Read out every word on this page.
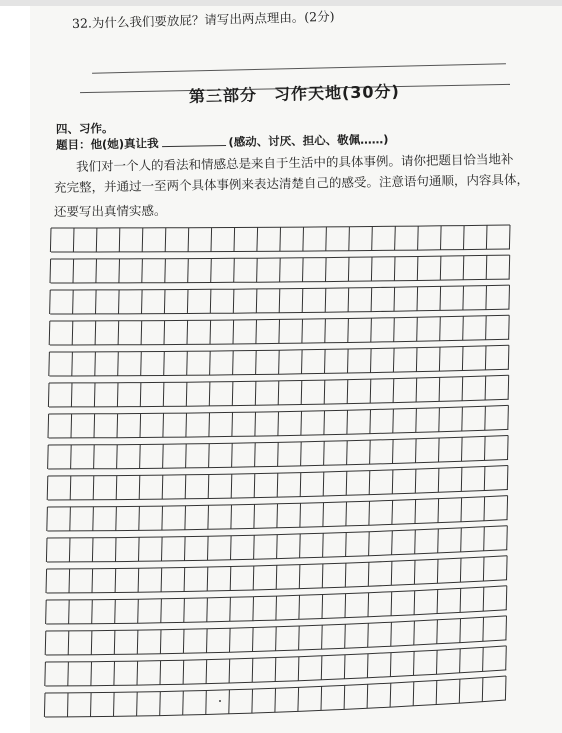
32.为什么我们要放屁？请写出两点理由。(2分)
第三部分　习作天地(30分)
四、习作。
题目：他(她)真让我	(感动、讨厌、担心、敬佩……)
我们对一个人的看法和情感总是来自于生活中的具体事例。请你把题目恰当地补
充完整，并通过一至两个具体事例来表达清楚自己的感受。注意语句通顺，内容具体，
还要写出真情实感。
